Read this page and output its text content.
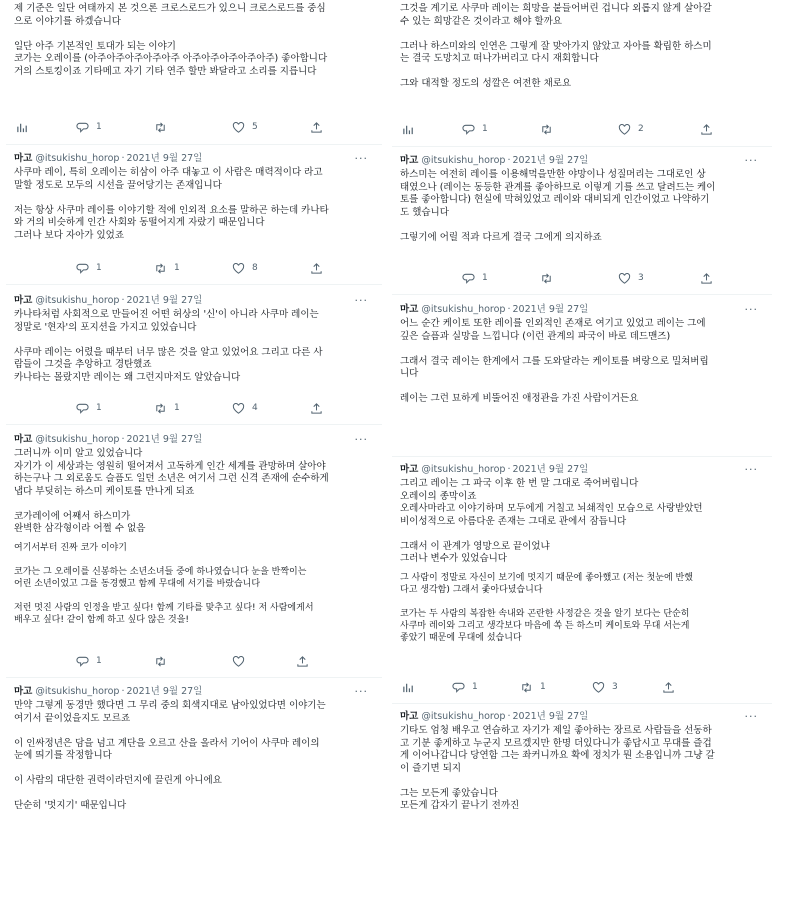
제 기준은 일단 여태까지 본 것으론 크로스로드가 있으니 크로스로드를 중심
으로 이야기를 하겠습니다

일단 아주 기본적인 토대가 되는 이야기
코가는 오레이를 (아주아주아주아주아주 아주아주아주아주아주) 좋아합니다
거의 스토킹이죠 기타메고 자기 기타 연주 할만 봐달라고 소리를 지릅니다

1	5
마고 @itsukishu_horop · 2021년 9월 27일	···

사쿠마 레이, 특히 오레이는 히삼이 아주 대놓고 이 사람은 매력적이다 라고
말할 정도로 모두의 시선을 끌어당기는 존재입니다

저는 항상 사쿠마 레이를 이야기할 적에 인외적 요소를 말하곤 하는데 카나타
와 거의 비슷하게 인간 사회와 동떨어지게 자랐기 때문입니다
그러나 보다 자아가 있었죠

1	1	8
마고 @itsukishu_horop · 2021년 9월 27일	···

카나타처럼 사회적으로 만들어진 어떤 허상의 '신'이 아니라 사쿠마 레이는
정말로 '현자'의 포지션을 가지고 있었습니다

사쿠마 레이는 어렸을 때부터 너무 많은 것을 알고 있었어요 그리고 다른 사
람들이 그것을 추앙하고 경탄했죠
카나타는 몰랐지만 레이는 왜 그런지마저도 알았습니다

1	1	4
마고 @itsukishu_horop · 2021년 9월 27일	···

그러니까 이미 알고 있었습니다
자기가 이 세상과는 영원히 떨어져서 고독하게 인간 세계를 관망하며 살아야
하는구나 그 외로움도 슬픔도 일던 소년은 여기서 그런 신격 존재에 순수하게
냅다 부딪히는 하스미 케이토를 만나게 되죠

코가레이에 어째서 하스미가
완벽한 삼각형이라 어쩔 수 없음

여기서부터 진짜 코가 이야기

코가는 그 오레이를 신봉하는 소년소녀들 중에 하나였습니다 눈을 반짝이는
어린 소년이었고 그를 동경했고 함께 무대에 서기를 바랐습니다

저런 멋진 사람의 인정을 받고 싶다! 함께 기타를 맞추고 싶다! 저 사람에게서
배우고 싶다! 같이 함께 하고 싶다 않은 것을!

1
마고 @itsukishu_horop · 2021년 9월 27일	···

만약 그렇게 동경만 했다면 그 무리 중의 회색지대로 남아있었다면 이야기는
여기서 끝이었을지도 모르죠

이 인싸정년은 담을 넘고 계단을 오르고 산을 올라서 기어이 사쿠마 레이의
눈에 띄기를 작정합니다

이 사람의 대단한 권력이라던지에 끌린게 아니에요

단순히 '멋지기' 때문입니다

그것을 계기로 사쿠마 레이는 희망을 붙들어버린 겁니다 외롭지 않게 살아갈
수 있는 희망같은 것이라고 해야 할까요

그러나 하스미와의 인연은 그렇게 잘 맞아가지 않았고 자아를 확립한 하스미
는 결국 도망치고 떠나가버리고 다시 재회합니다

그와 대적할 정도의 성깔은 여전한 채로요

1	2
마고 @itsukishu_horop · 2021년 9월 27일	···

하스미는 여전히 레이를 이용해먹을만한 야망이나 성질머리는 그대로인 상
태였으나 (레이는 동등한 관계를 좋아하므로 이렇게 기를 쓰고 달려드는 케이
토를 좋아합니다) 현실에 막혀있었고 레이와 대비되게 인간이었고 나약하기
도 했습니다

그렇기에 어릴 적과 다르게 결국 그에게 의지하죠

1	3
마고 @itsukishu_horop · 2021년 9월 27일	···

어느 순간 케이토 또한 레이를 인외적인 존재로 여기고 있었고 레이는 그에
깊은 슬픔과 실망을 느낍니다 (이런 관계의 파국이 바로 데드맨즈)

그래서 결국 레이는 한계에서 그를 도와달라는 케이토를 벼랑으로 밀쳐버립
니다

레이는 그런 묘하게 비뚤어진 애정관을 가진 사람이거든요

마고 @itsukishu_horop · 2021년 9월 27일	···

그리고 레이는 그 파국 이후 한 번 말 그대로 죽어버립니다
오레이의 종막이죠
오레사마라고 이야기하며 모두에게 거칠고 뇌쇄적인 모습으로 사랑받았던
비이성적으로 아름다운 존재는 그대로 관에서 잠듭니다

그래서 이 관계가 영망으로 끝이었냐
그러나 변수가 있었습니다

그 사람이 정말로 자신이 보기에 멋지기 때문에 좋아했고 (저는 첫눈에 반했
다고 생각함) 그래서 좇아다녔습니다

코가는 두 사람의 복잡한 속내와 곤란한 사정같은 것을 알기 보다는 단순히
사쿠마 레이와 그리고 생각보다 마음에 쏙 든 하스미 케이토와 무대 서는게
좋았기 때문에 무대에 섰습니다

1	1	3
마고 @itsukishu_horop · 2021년 9월 27일	···

기타도 엄청 배우고 연습하고 자기가 제일 좋아하는 장르로 사람들을 선동하
고 기분 좋게하고 누군지 모르겠지만 한명 더있다니가 좋답시고 무대를 즐겁
게 이어나갑니다 당연함 그는 좌커니까요 확에 정치가 뭔 소용입니까 그냥 갈
이 즐기면 되지

그는 모든게 좋았습니다
모든게 갑자기 끝나기 전까진
